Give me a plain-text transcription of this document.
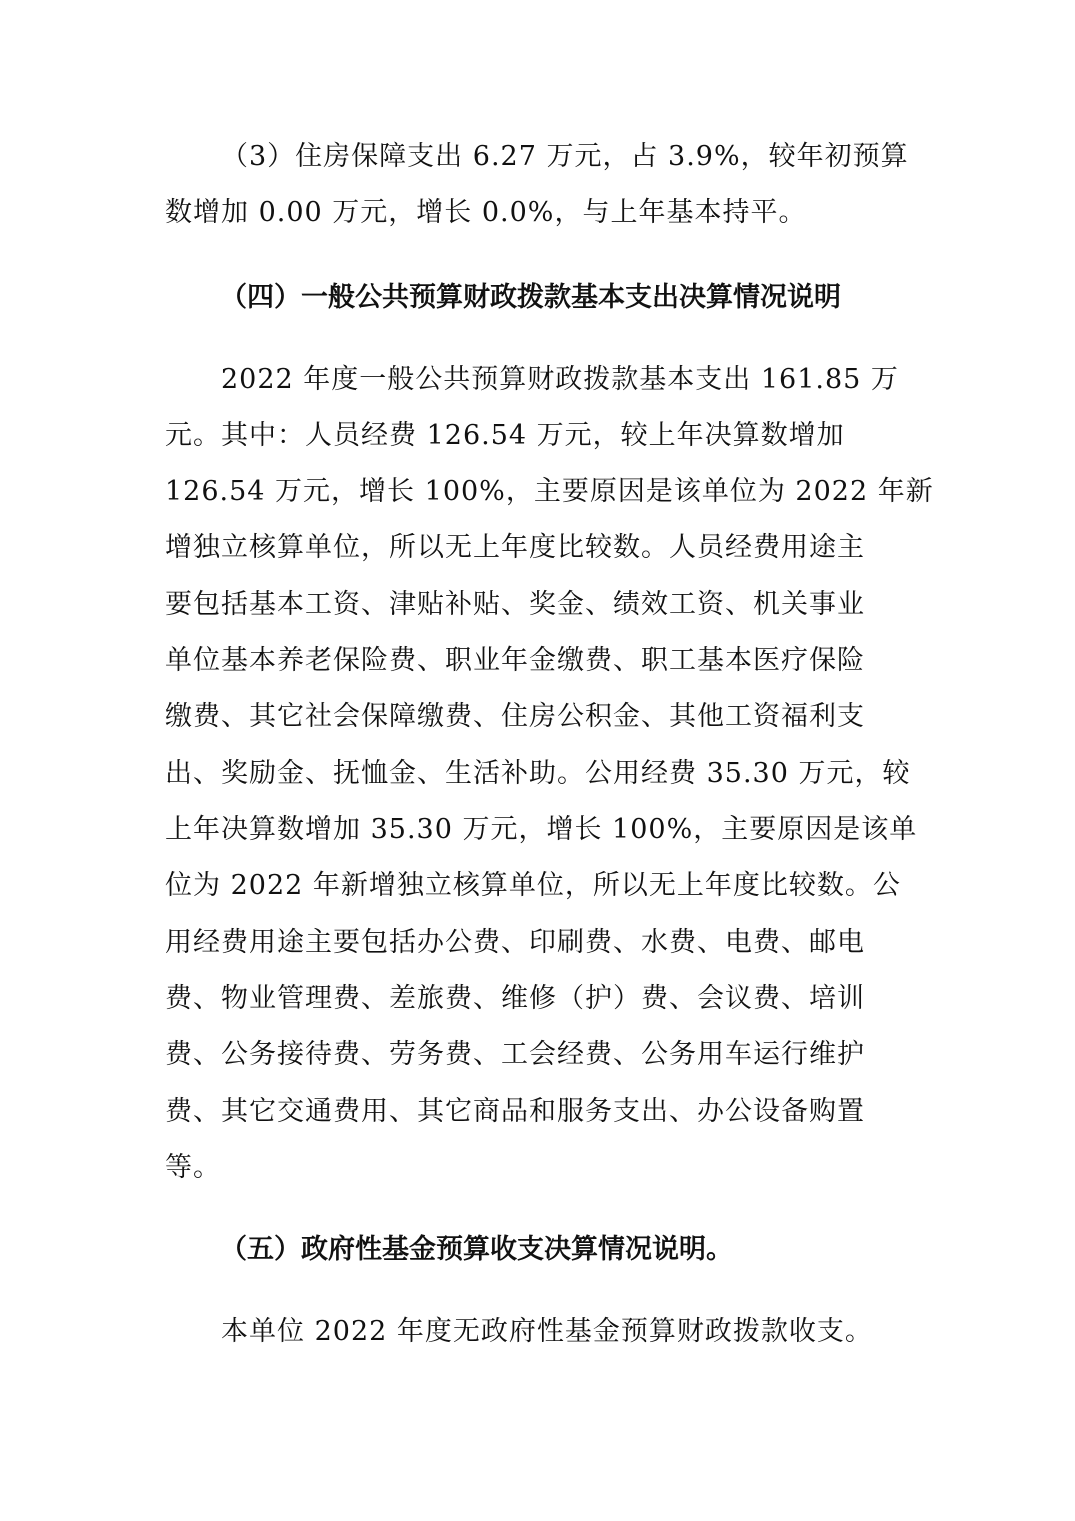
（3）住房保障支出 6.27 万元，占 3.9%，较年初预算
数增加 0.00 万元，增长 0.0%，与上年基本持平。
（四）一般公共预算财政拨款基本支出决算情况说明
2022 年度一般公共预算财政拨款基本支出 161.85 万
元。其中：人员经费 126.54 万元，较上年决算数增加
126.54 万元，增长 100%，主要原因是该单位为 2022 年新
增独立核算单位，所以无上年度比较数。人员经费用途主
要包括基本工资、津贴补贴、奖金、绩效工资、机关事业
单位基本养老保险费、职业年金缴费、职工基本医疗保险
缴费、其它社会保障缴费、住房公积金、其他工资福利支
出、奖励金、抚恤金、生活补助。公用经费 35.30 万元，较
上年决算数增加 35.30 万元，增长 100%，主要原因是该单
位为 2022 年新增独立核算单位，所以无上年度比较数。公
用经费用途主要包括办公费、印刷费、水费、电费、邮电
费、物业管理费、差旅费、维修（护）费、会议费、培训
费、公务接待费、劳务费、工会经费、公务用车运行维护
费、其它交通费用、其它商品和服务支出、办公设备购置
等。
（五）政府性基金预算收支决算情况说明。
本单位 2022 年度无政府性基金预算财政拨款收支。
